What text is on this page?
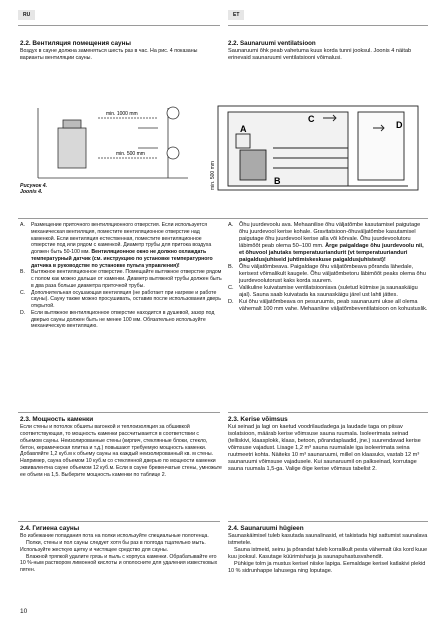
RU	ET
2.2. Вентиляция помещения сауны
Воздух в сауне должна заменяться шесть раз в час. На рис. 4 показаны варианты вентиляции сауны.
2.2. Saunaruumi ventilatsioon
Saunaruumi õhk peab vahetuma kuus korda tunni jooksul. Joonis 4 näitab erinevaid saunaruumi ventilatsiooni võimalusi.
min. 1000 mm
min. 500 mm
min. 500 mm
A
B
C
D
Рисунок 4.
Joonis 4.
A. Размещение приточного вентиляционного отверстия. Если используется механическая вентиляция, поместите вентиляционное отверстие над каменкой. Если вентиляция естественная, поместите вентиляционное отверстие под или рядом с каменкой. Диаметр трубы для притока воздуха должен быть 50-100 мм. Вентиляционное окно не должно охлаждать температурный датчик (см. инструкцию по установке температурного датчика в руководстве по установке пульта управления)!
B. Вытяжное вентиляционное отверстие. Помещайте вытяжное отверстие рядом с полом как можно дальше от каменки. Диаметр вытяжной трубы должен быть в два раза больше диаметра приточной трубы.
C. Дополнительная осушающая вентиляция (не работает при нагреве и работе сауны). Сауну также можно просушивать, оставив после использования дверь открытой.
D. Если вытяжное вентиляционное отверстие находится в душевой, зазор под дверью сауны должен быть не менее 100 мм. Обязательно используйте механическую вентиляцию.
A. Õhu juurdevoolu ava. Mehaanilise õhu väljatõmbe kasutamisel paigutage õhu juurdevool kerise kohale. Gravitatsioon-õhuväljatõmbe kasutamisel paigutage õhu juurdevool kerise alla või kõrvale. Õhu juurdevoolutoru läbimõõt peab olema 50–100 mm. Ärge paigaldage õhu juurdevoolu nii, et õhuvool jahutaks temperatuuriandurit (vt temperatuurianduri paigaldusjuhiseid juhtimiskeskuse paigaldusjuhistest)!
B. Õhu väljatõmbeava. Paigaldage õhu väljatõmbeava põranda lähedale, kerisest võimalikult kaugele. Õhu väljatõmbetoru läbimõõt peaks olema õhu juurdevoolutorust kaks korda suurem.
C. Valikuline kuivatamise ventilatsiooniava (suletud kütmise ja saunaskäigu ajal). Sauna saab kuivatada ka saunaskäigu järel ust lahti jättes.
D. Kui õhu väljatõmbeava on pesuruumis, peab saunaruumi ukse all olema vähemalt 100 mm vahe. Mehaanline väljatõmbeventilatsioon on kohustuslik.
2.3. Мощность каменки
Если стены и потолок обшиты вагонкой и теплоизоляция за обшивкой соответствующая, то мощность каменки рассчитывается в соответствии с объемом сауны. Неизолированные стены (кирпич, стеклянные блоки, стекло, бетон, керамическая плитка и т.д.) повышают требуемую мощность каменки. Добавляйте 1,2 куб.м к объему сауны на каждый неизолированный кв. м стены. Например, сауна объемом 10 куб.м со стеклянной дверью по мощности каменки эквивалентна сауне объемом 12 куб.м. Если в сауне бревенчатые стены, умножьте ее объем на 1,5. Выберите мощность каменки по таблице 2.
2.3. Kerise võimsus
Kui seinad ja lagi on kaetud voodrilaudadega ja laudade taga on piisav isolatsioon, määrab kerise võimsuse sauna ruumala. Isoleerimata seinad (telliskivi, klaasplokk, klaas, betoon, põrandaplaadid, jne.) suurendavad kerise võimsuse vajadust. Lisage 1,2 m³ sauna ruumalale iga isoleerimata seina ruutmeetri kohta. Näiteks 10 m³ saunaruumi, millel on klaasuks, vastab 12 m³ saunaruumi võimsuse vajadusele. Kui saunaruumil on palkseinad, korrutage sauna ruumala 1,5-ga. Valige õige kerise võimsus tabelist 2.
2.4. Гигиена сауны
Во избежание попадания пота на полки используйте специальные полотенца.
Полки, стены и пол сауны следует хотя бы раз в полгода тщательно мыть. Используйте жесткую щетку и чистящее средство для сауны.
Влажной тряпкой удалите грязь и пыль с корпуса каменки. Обрабатывайте его 10 %-ным раствором лимонной кислоты и ополосните для удаления известковых пятен.
2.4. Saunaruumi hügieen
Saunaskäimisel tuleb kasutada saunalinasid, et takistada higi sattumist saunalava istmetele.
Sauna istmeid, seinu ja põrandat tuleb korralikult pesta vähemalt üks kord kuue kuu jooksul. Kasutage küürimisharja ja saunapuhastusvahendit.
Pühkige tolm ja mustus kerisel niiske lapiga. Eemaldage kerisel katlakivi plekid 10 % sidrunhappe lahusega ning loputage.
10
